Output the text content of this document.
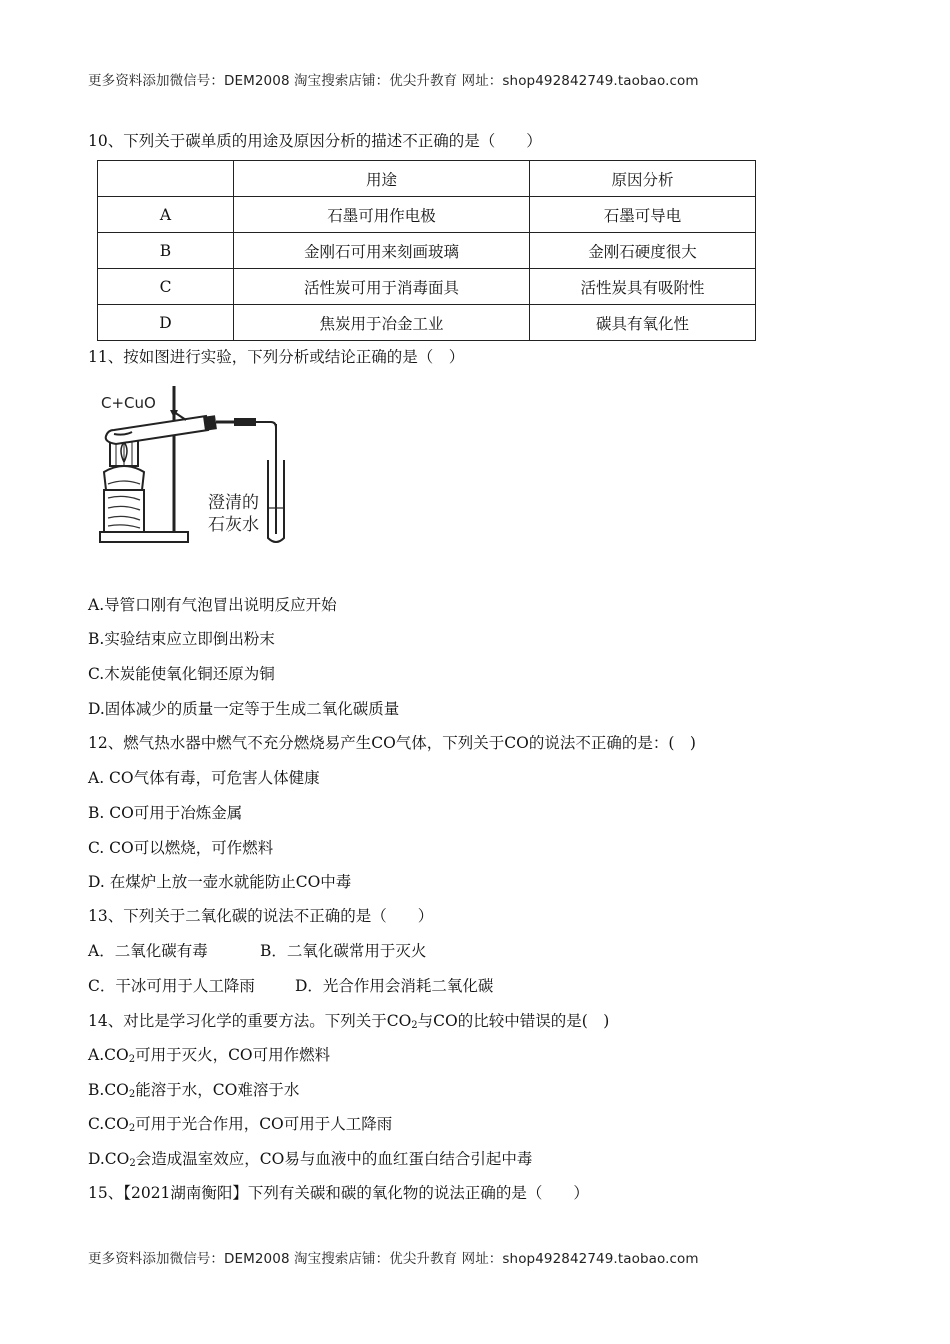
更多资料添加微信号：DEM2008 淘宝搜索店铺：优尖升教育 网址：shop492842749.taobao.com
10、下列关于碳单质的用途及原因分析的描述不正确的是（　　）
	用途	原因分析
A	石墨可用作电极	石墨可导电
B	金刚石可用来刻画玻璃	金刚石硬度很大
C	活性炭可用于消毒面具	活性炭具有吸附性
D	焦炭用于冶金工业	碳具有氧化性
11、按如图进行实验，下列分析或结论正确的是（　）
C+CuO
澄清的
石灰水
A.导管口刚有气泡冒出说明反应开始
B.实验结束应立即倒出粉末
C.木炭能使氧化铜还原为铜
D.固体减少的质量一定等于生成二氧化碳质量
12、燃气热水器中燃气不充分燃烧易产生CO气体，下列关于CO的说法不正确的是：(　)
A. CO气体有毒，可危害人体健康
B. CO可用于冶炼金属
C. CO可以燃烧，可作燃料
D. 在煤炉上放一壶水就能防止CO中毒
13、下列关于二氧化碳的说法不正确的是（　　）
A．二氧化碳有毒	B．二氧化碳常用于灭火
C．干冰可用于人工降雨	D．光合作用会消耗二氧化碳
14、对比是学习化学的重要方法。下列关于$CO_2$与CO的比较中错误的是(　)
$A.CO_2$可用于灭火，CO可用作燃料
$B.CO_2$能溶于水，CO难溶于水
$C.CO_2$可用于光合作用，CO可用于人工降雨
$D.CO_2$会造成温室效应，CO易与血液中的血红蛋白结合引起中毒
15、【2021湖南衡阳】下列有关碳和碳的氧化物的说法正确的是（　　）
更多资料添加微信号：DEM2008 淘宝搜索店铺：优尖升教育 网址：shop492842749.taobao.com
